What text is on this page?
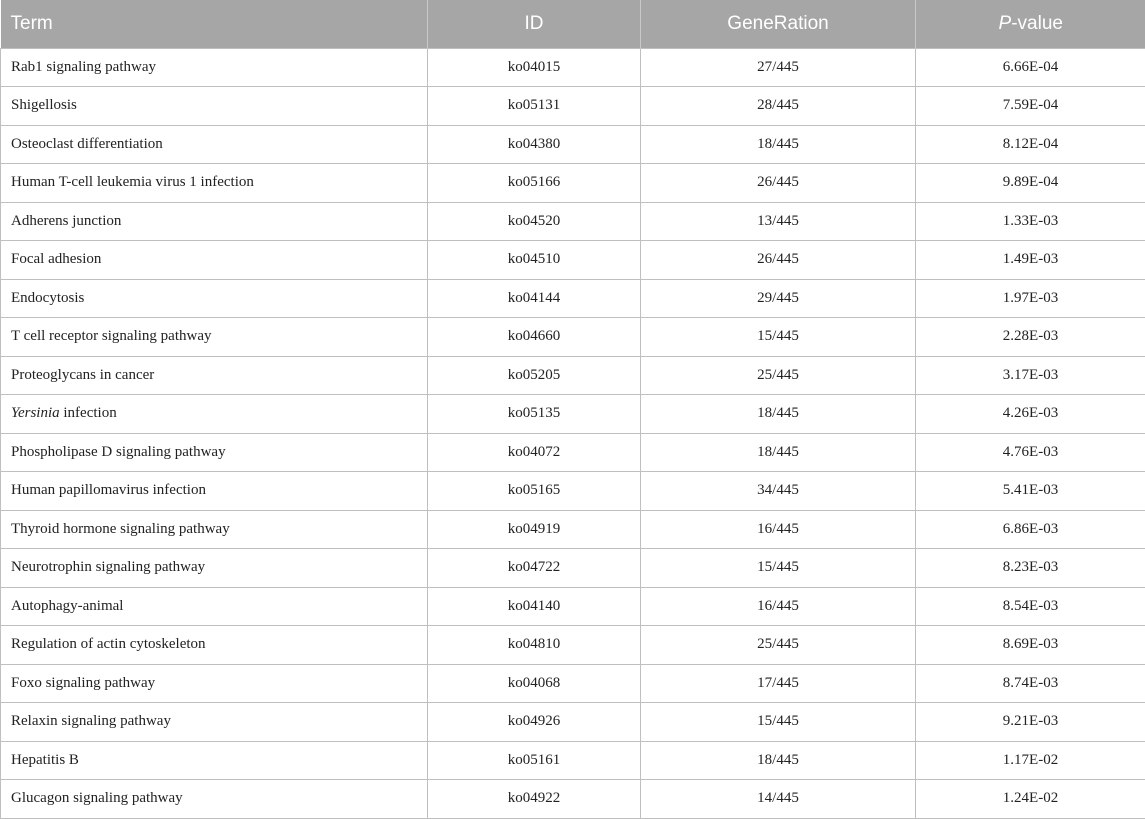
Term	ID	GeneRation	P-value
Rab1 signaling pathway	ko04015	27/445	6.66E-04
Shigellosis	ko05131	28/445	7.59E-04
Osteoclast differentiation	ko04380	18/445	8.12E-04
Human T-cell leukemia virus 1 infection	ko05166	26/445	9.89E-04
Adherens junction	ko04520	13/445	1.33E-03
Focal adhesion	ko04510	26/445	1.49E-03
Endocytosis	ko04144	29/445	1.97E-03
T cell receptor signaling pathway	ko04660	15/445	2.28E-03
Proteoglycans in cancer	ko05205	25/445	3.17E-03
Yersinia infection	ko05135	18/445	4.26E-03
Phospholipase D signaling pathway	ko04072	18/445	4.76E-03
Human papillomavirus infection	ko05165	34/445	5.41E-03
Thyroid hormone signaling pathway	ko04919	16/445	6.86E-03
Neurotrophin signaling pathway	ko04722	15/445	8.23E-03
Autophagy-animal	ko04140	16/445	8.54E-03
Regulation of actin cytoskeleton	ko04810	25/445	8.69E-03
Foxo signaling pathway	ko04068	17/445	8.74E-03
Relaxin signaling pathway	ko04926	15/445	9.21E-03
Hepatitis B	ko05161	18/445	1.17E-02
Glucagon signaling pathway	ko04922	14/445	1.24E-02
